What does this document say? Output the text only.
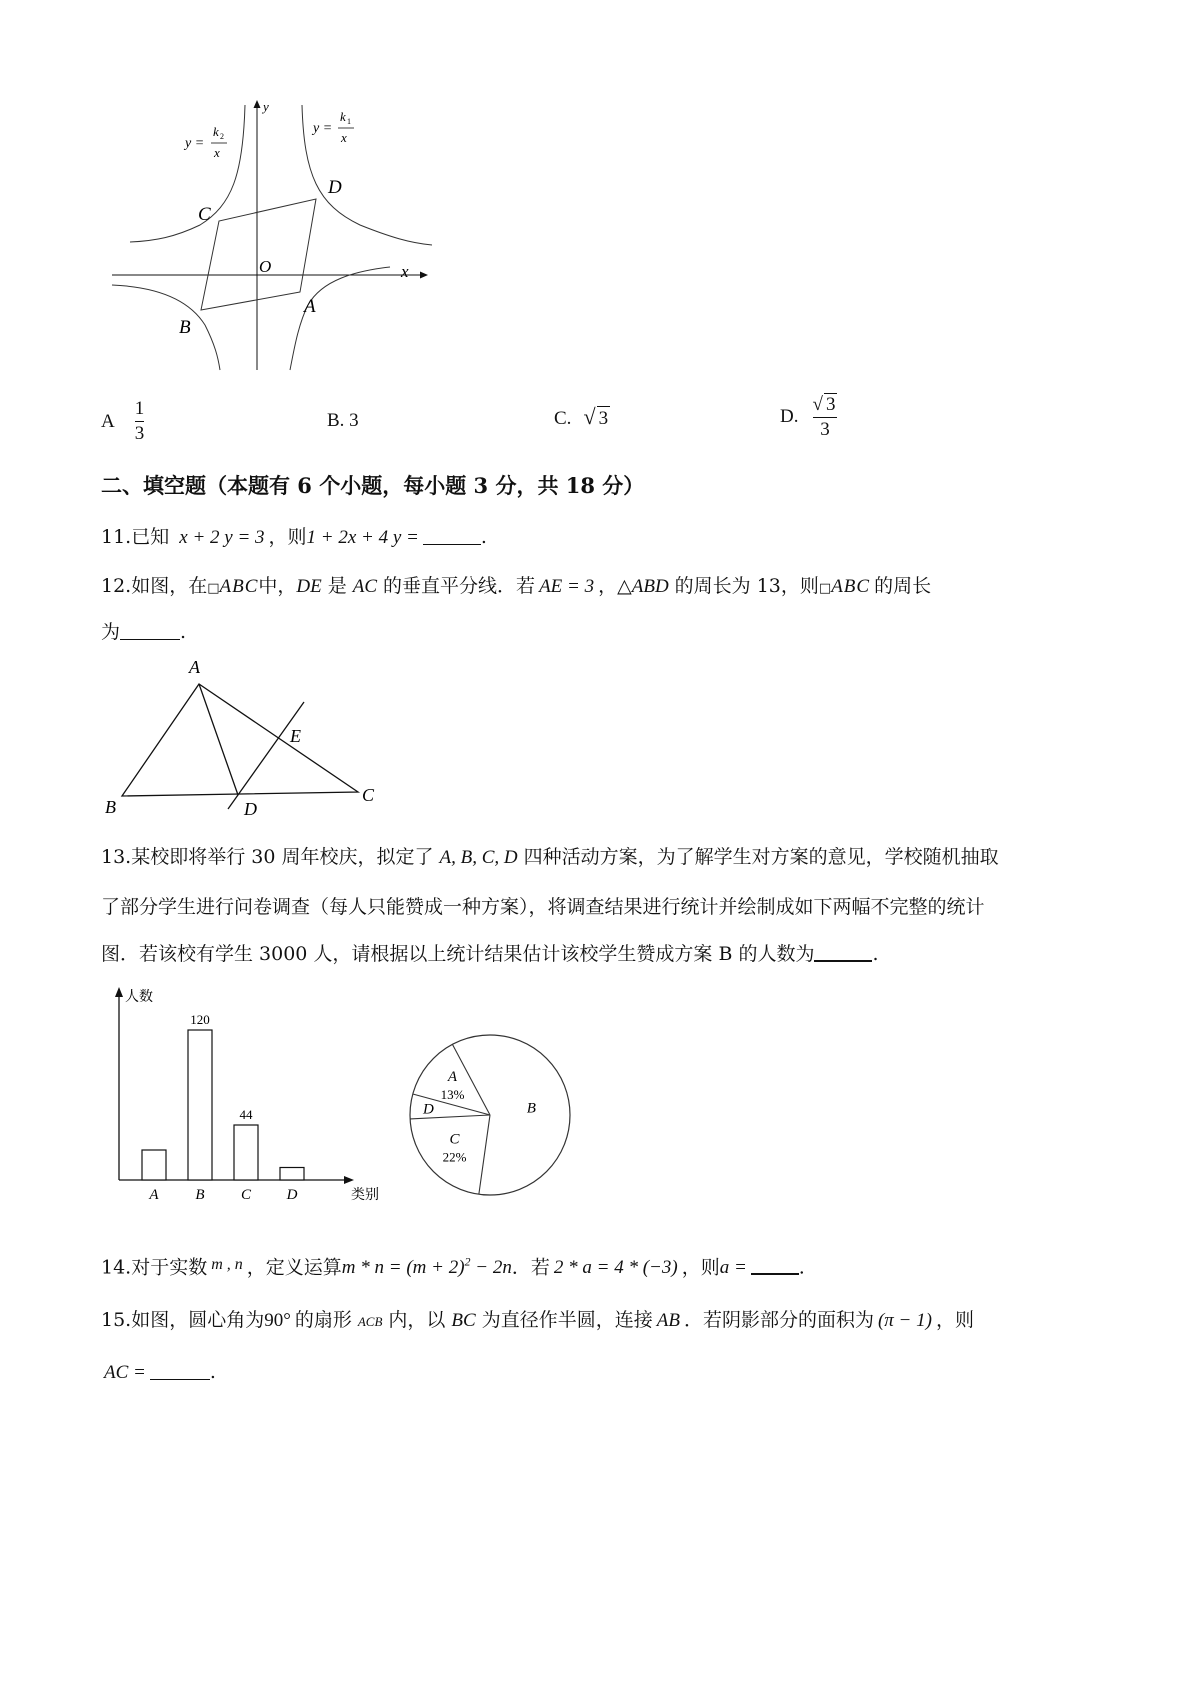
y
x
O
A
B
C
D
y =
k 2
x
y =
k 1
x
A $\frac{1}{3}$	B. 3	C. √ 3	D. $\frac{√ 3}{3}$
二、填空题（本题有 6 个小题，每小题 3 分，共 18 分）
11.已知 x + 2 y = 3 ，则1 + 2x + 4 y =	.
12.如图，在□ABC中，DE 是 AC 的垂直平分线．若 AE = 3 ，△ABD 的周长为 13，则□ABC 的周长
为	.
A
B
C
D
E
13.某校即将举行 30 周年校庆，拟定了 A, B, C, D 四种活动方案，为了解学生对方案的意见，学校随机抽取
了部分学生进行问卷调查（每人只能赞成一种方案），将调查结果进行统计并绘制成如下两幅不完整的统计
图．若该校有学生 3000 人，请根据以上统计结果估计该校学生赞成方案 B 的人数为	.
人数
类别
A B
120
C
44
D
B
C
22%
D
A
13%
14.对于实数 $^{m , n}$ ，定义运算$m * n = (m + 2)^2 - 2n$．若 2 * a = 4 * (−3) ，则a =	.
15.如图，圆心角为90° 的扇形 ACB 内，以 BC 为直径作半圆，连接 AB ．若阴影部分的面积为 (π − 1) ，则
AC =	.
